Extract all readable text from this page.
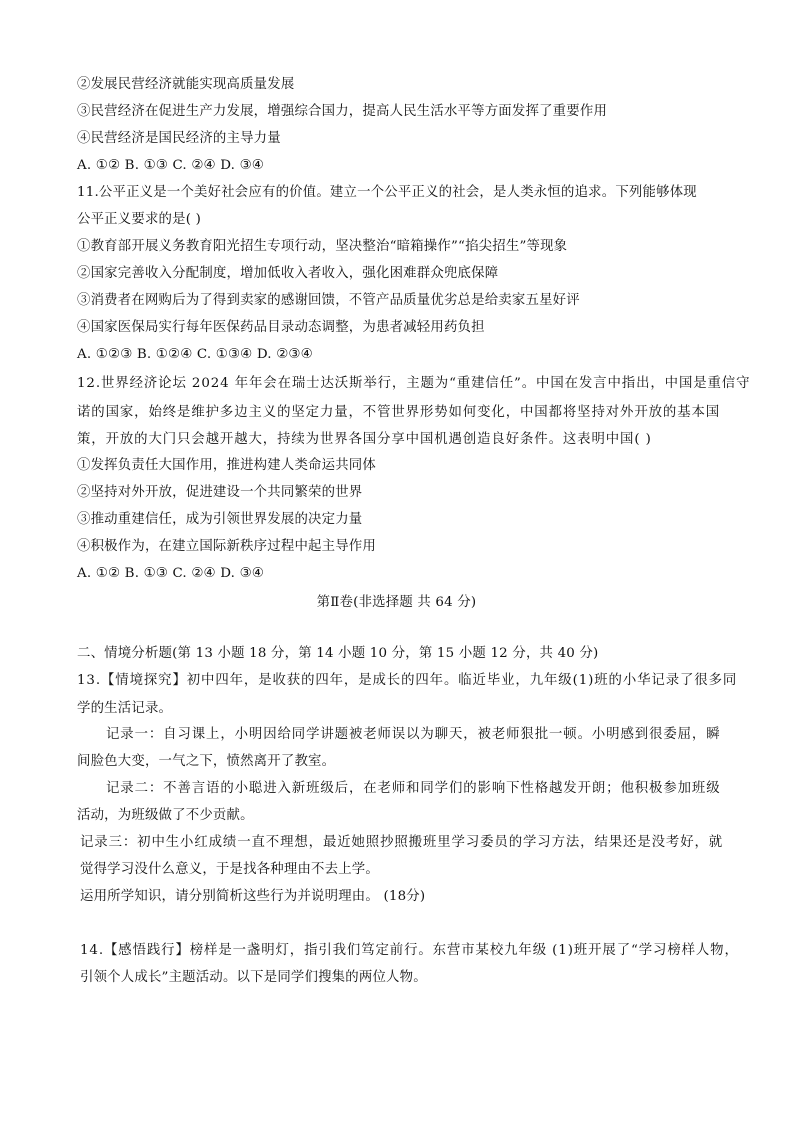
②发展民营经济就能实现高质量发展
③民营经济在促进生产力发展，增强综合国力，提高人民生活水平等方面发挥了重要作用
④民营经济是国民经济的主导力量
A. ①② B. ①③ C. ②④ D. ③④
11.公平正义是一个美好社会应有的价值。建立一个公平正义的社会，是人类永恒的追求。下列能够体现
公平正义要求的是( )
①教育部开展义务教育阳光招生专项行动，坚决整治“暗箱操作”“掐尖招生”等现象
②国家完善收入分配制度，增加低收入者收入，强化困难群众兜底保障
③消费者在网购后为了得到卖家的感谢回馈，不管产品质量优劣总是给卖家五星好评
④国家医保局实行每年医保药品目录动态调整，为患者减轻用药负担
A. ①②③ B. ①②④ C. ①③④ D. ②③④
12.世界经济论坛 2024 年年会在瑞士达沃斯举行，主题为“重建信任”。中国在发言中指出，中国是重信守
诺的国家，始终是维护多边主义的坚定力量，不管世界形势如何变化，中国都将坚持对外开放的基本国
策，开放的大门只会越开越大，持续为世界各国分享中国机遇创造良好条件。这表明中国( )
①发挥负责任大国作用，推进构建人类命运共同体
②坚持对外开放，促进建设一个共同繁荣的世界
③推动重建信任，成为引领世界发展的决定力量
④积极作为，在建立国际新秩序过程中起主导作用
A. ①② B. ①③ C. ②④ D. ③④
第Ⅱ卷(非选择题 共 64 分)
二、情境分析题(第 13 小题 18 分，第 14 小题 10 分，第 15 小题 12 分，共 40 分)
13.【情境探究】初中四年，是收获的四年，是成长的四年。临近毕业，九年级(1)班的小华记录了很多同
学的生活记录。
记录一：自习课上，小明因给同学讲题被老师误以为聊天，被老师狠批一顿。小明感到很委屈，瞬
间脸色大变，一气之下，愤然离开了教室。
记录二：不善言语的小聪进入新班级后，在老师和同学们的影响下性格越发开朗；他积极参加班级
活动，为班级做了不少贡献。
记录三：初中生小红成绩一直不理想，最近她照抄照搬班里学习委员的学习方法，结果还是没考好，就
觉得学习没什么意义，于是找各种理由不去上学。
运用所学知识，请分别简析这些行为并说明理由。 (18分)
14.【感悟践行】榜样是一盏明灯，指引我们笃定前行。东营市某校九年级 (1)班开展了“学习榜样人物，
引领个人成长”主题活动。以下是同学们搜集的两位人物。
